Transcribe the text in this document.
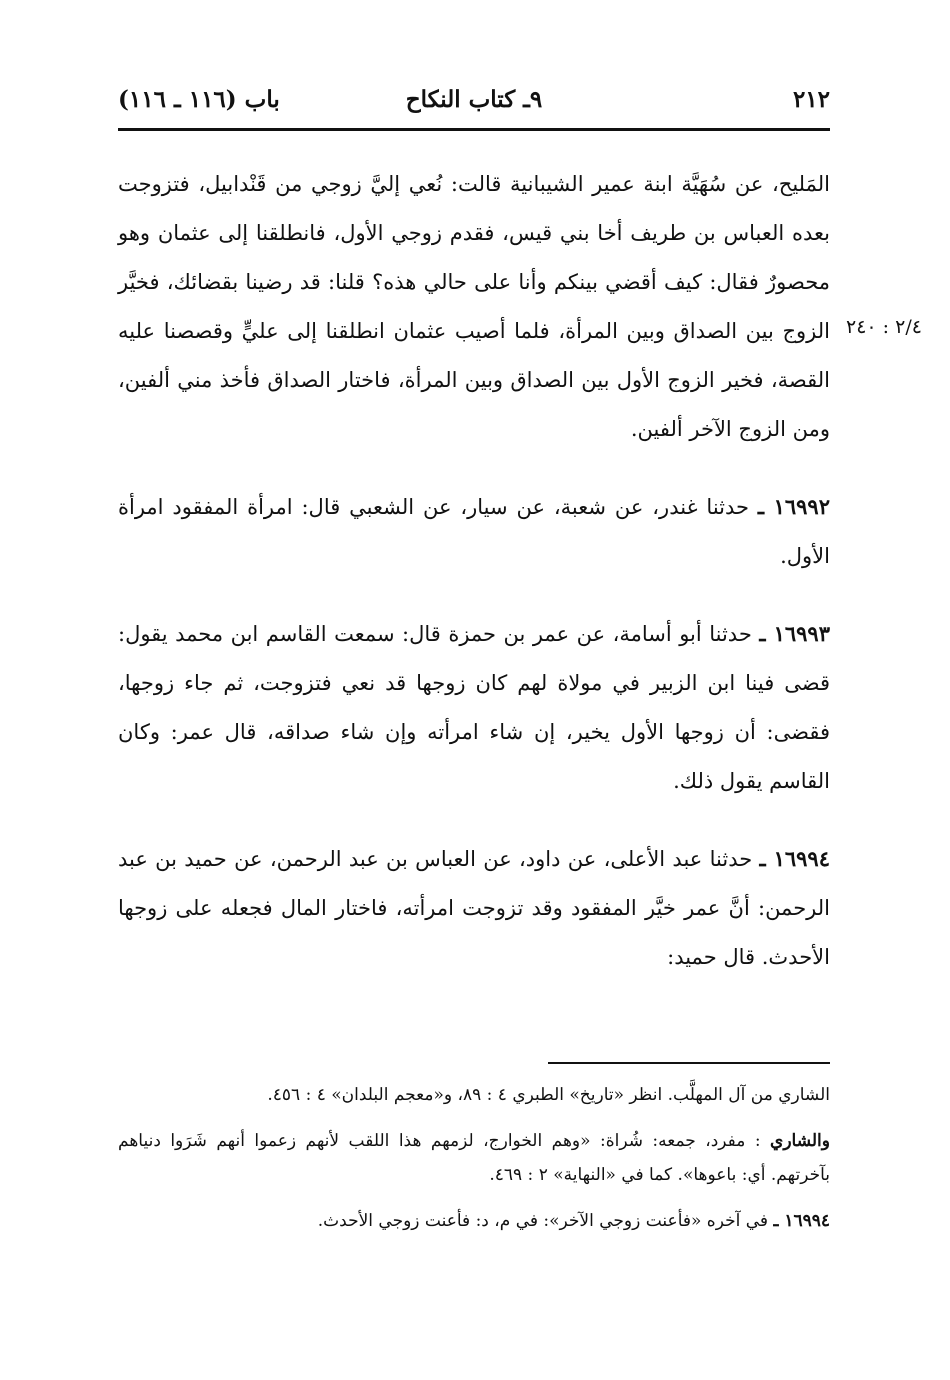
٢١٢
٩ـ كتاب النكاح
باب (١١٦ ـ ١١٦)
٢/٤ : ٢٤٠

المَليح، عن سُهَيَّة ابنة عمير الشيبانية قالت: نُعي إليَّ زوجي من قَنْدابيل، فتزوجت بعده العباس بن طريف أخا بني قيس، فقدم زوجي الأول، فانطلقنا إلى عثمان وهو محصورٌ فقال: كيف أقضي بينكم وأنا على حالي هذه؟ قلنا: قد رضينا بقضائك، فخيَّر الزوج بين الصداق وبين المرأة، فلما أصيب عثمان انطلقنا إلى عليٍّ وقصصنا عليه القصة، فخير الزوج الأول بين الصداق وبين المرأة، فاختار الصداق فأخذ مني ألفين، ومن الزوج الآخر ألفين.

١٦٩٩٢ ـ حدثنا غندر، عن شعبة، عن سيار، عن الشعبي قال: امرأة المفقود امرأة الأول.

١٦٩٩٣ ـ حدثنا أبو أسامة، عن عمر بن حمزة قال: سمعت القاسم ابن محمد يقول: قضى فينا ابن الزبير في مولاة لهم كان زوجها قد نعي فتزوجت، ثم جاء زوجها، فقضى: أن زوجها الأول يخير، إن شاء امرأته وإن شاء صداقه، قال عمر: وكان القاسم يقول ذلك.

١٦٩٩٤ ـ حدثنا عبد الأعلى، عن داود، عن العباس بن عبد الرحمن، عن حميد بن عبد الرحمن: أنَّ عمر خيَّر المفقود وقد تزوجت امرأته، فاختار المال فجعله على زوجها الأحدث. قال حميد:

الشاري من آل المهلَّب. انظر «تاريخ» الطبري ٤ : ٨٩، و«معجم البلدان» ٤ : ٤٥٦.

والشاري : مفرد، جمعه: شُراة: «وهم الخوارج، لزمهم هذا اللقب لأنهم زعموا أنهم شَرَوا دنياهم بآخرتهم. أي: باعوها». كما في «النهاية» ٢ : ٤٦٩.

١٦٩٩٤ ـ في آخره «فأعنت زوجي الآخر»: في م، د: فأعنت زوجي الأحدث.
